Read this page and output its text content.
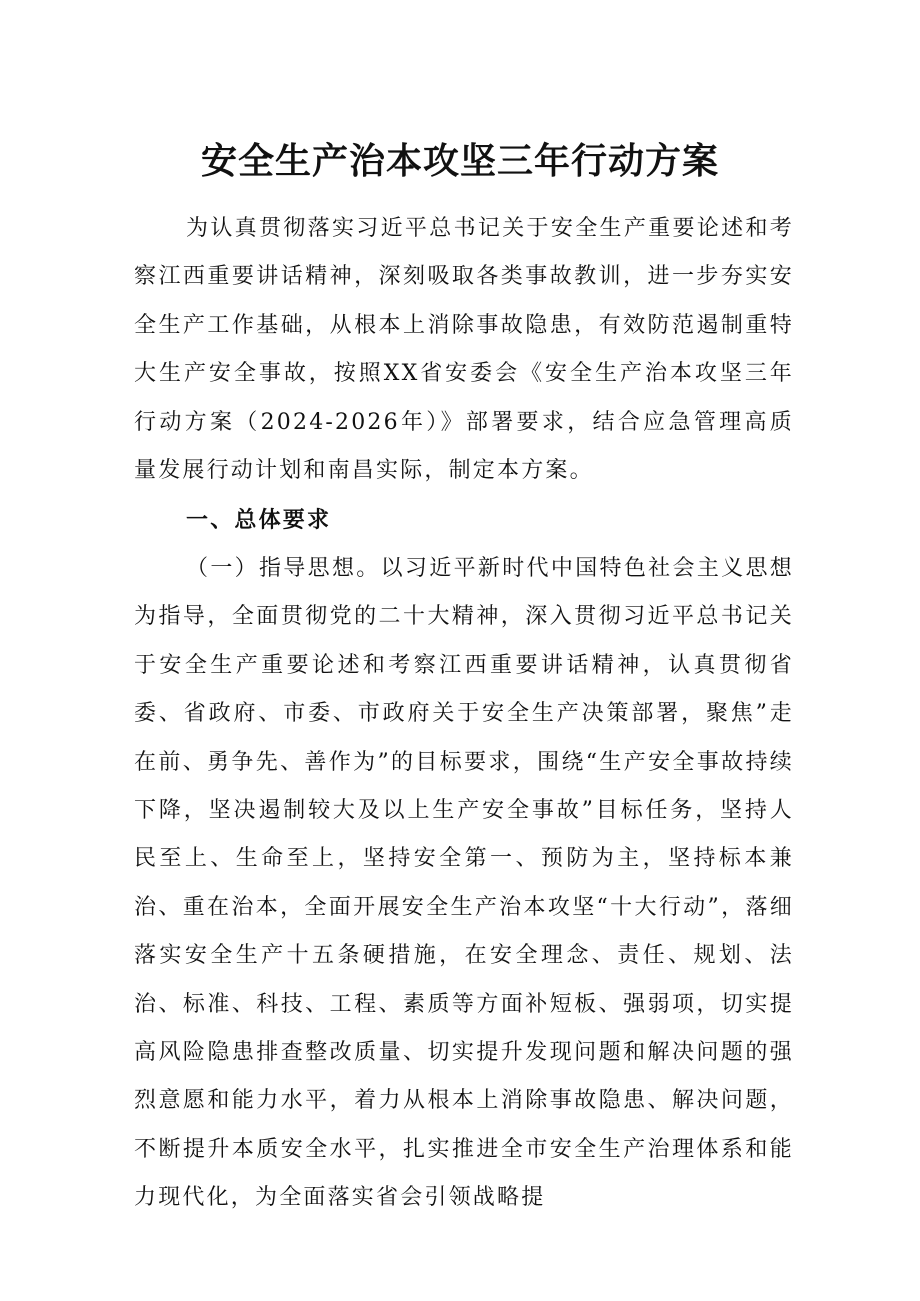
安全生产治本攻坚三年行动方案

为认真贯彻落实习近平总书记关于安全生产重要论述和考察江西重要讲话精神，深刻吸取各类事故教训，进一步夯实安全生产工作基础，从根本上消除事故隐患，有效防范遏制重特大生产安全事故，按照XX省安委会《安全生产治本攻坚三年行动方案（2024-2026年）》部署要求，结合应急管理高质量发展行动计划和南昌实际，制定本方案。

一、总体要求

（一）指导思想。以习近平新时代中国特色社会主义思想为指导，全面贯彻党的二十大精神，深入贯彻习近平总书记关于安全生产重要论述和考察江西重要讲话精神，认真贯彻省委、省政府、市委、市政府关于安全生产决策部署，聚焦”走在前、勇争先、善作为”的目标要求，围绕“生产安全事故持续下降，坚决遏制较大及以上生产安全事故”目标任务，坚持人民至上、生命至上，坚持安全第一、预防为主，坚持标本兼治、重在治本，全面开展安全生产治本攻坚“十大行动”，落细落实安全生产十五条硬措施，在安全理念、责任、规划、法治、标准、科技、工程、素质等方面补短板、强弱项，切实提高风险隐患排查整改质量、切实提升发现问题和解决问题的强烈意愿和能力水平，着力从根本上消除事故隐患、解决问题，不断提升本质安全水平，扎实推进全市安全生产治理体系和能力现代化，为全面落实省会引领战略提
